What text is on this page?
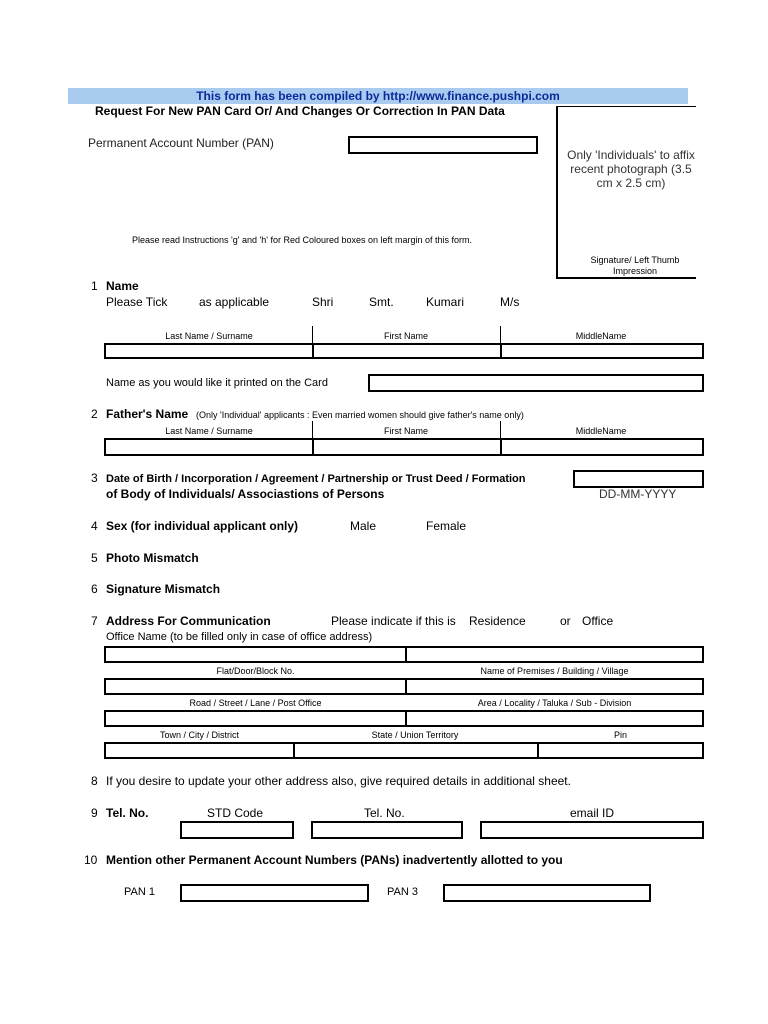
This form has been compiled by http://www.finance.pushpi.com
Request For New PAN Card Or/ And Changes Or Correction In PAN Data
Permanent Account Number (PAN)
Only 'Individuals' to affix recent photograph (3.5 cm x 2.5 cm)
Signature/ Left Thumb Impression
Please read Instructions 'g' and 'h' for Red Coloured boxes on left margin of this form.
1 Name
Please Tick	as applicable	Shri	Smt.	Kumari	M/s
Last Name / Surname	First Name	MiddleName
Name as you would like it printed on the Card
2 Father's Name (Only 'Individual' applicants : Even married women should give father's name only)
Last Name / Surname	First Name	MiddleName
3 Date of Birth / Incorporation / Agreement / Partnership or Trust Deed / Formation
of Body of Individuals/ Associastions of Persons	DD-MM-YYYY
4 Sex (for individual applicant only)	Male	Female
5 Photo Mismatch
6 Signature Mismatch
7 Address For Communication	Please indicate if this is Residence	or Office
Office Name (to be filled only in case of office address)
Flat/Door/Block No.	Name of Premises / Building / Village
Road / Street / Lane / Post Office	Area / Locality / Taluka / Sub - Division
Town / City / District	State / Union Territory	Pin
8 If you desire to update your other address also, give required details in additional sheet.
9 Tel. No.	STD Code	Tel. No.	email ID
10 Mention other Permanent Account Numbers (PANs) inadvertently allotted to you
PAN 1	PAN 3
